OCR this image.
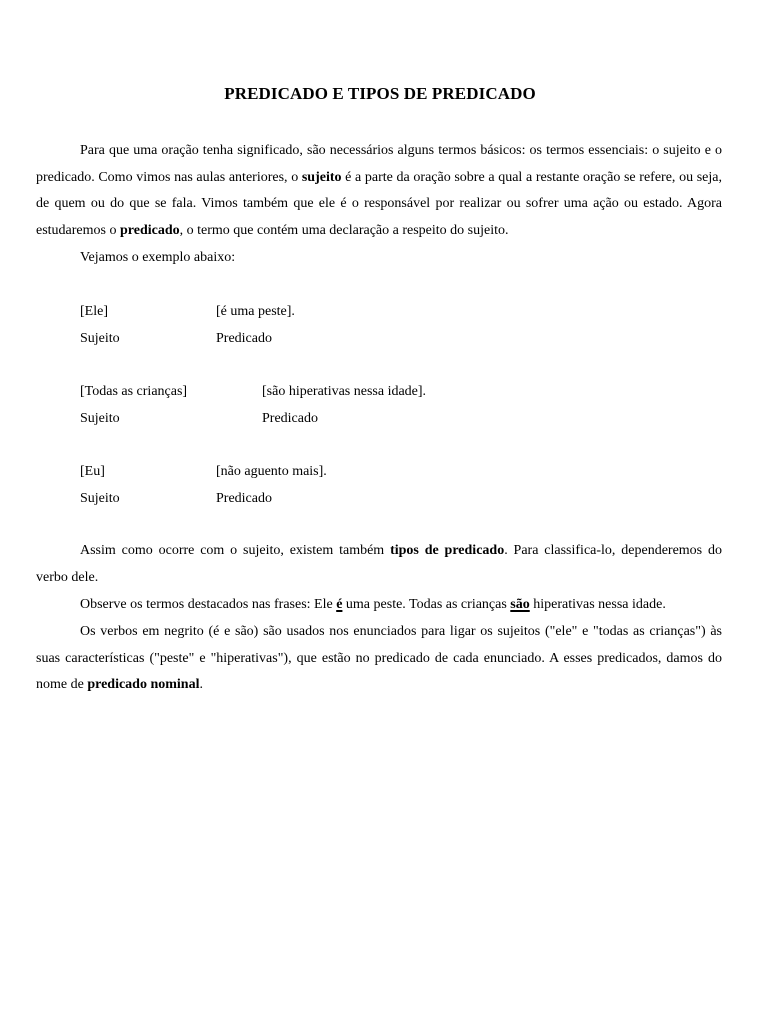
PREDICADO E TIPOS DE PREDICADO

Para que uma oração tenha significado, são necessários alguns termos básicos: os termos essenciais: o sujeito e o predicado. Como vimos nas aulas anteriores, o sujeito é a parte da oração sobre a qual a restante oração se refere, ou seja, de quem ou do que se fala. Vimos também que ele é o responsável por realizar ou sofrer uma ação ou estado. Agora estudaremos o predicado, o termo que contém uma declaração a respeito do sujeito.

Vejamos o exemplo abaixo:
[Ele]	[é uma peste].
Sujeito	Predicado
[Todas as crianças]	[são hiperativas nessa idade].
Sujeito	Predicado
[Eu]	[não aguento mais].
Sujeito	Predicado

Assim como ocorre com o sujeito, existem também tipos de predicado. Para classifica-lo, dependeremos do verbo dele.

Observe os termos destacados nas frases: Ele é uma peste. Todas as crianças são hiperativas nessa idade.

Os verbos em negrito (é e são) são usados nos enunciados para ligar os sujeitos ("ele" e "todas as crianças") às suas características ("peste" e "hiperativas"), que estão no predicado de cada enunciado. A esses predicados, damos do nome de predicado nominal.
